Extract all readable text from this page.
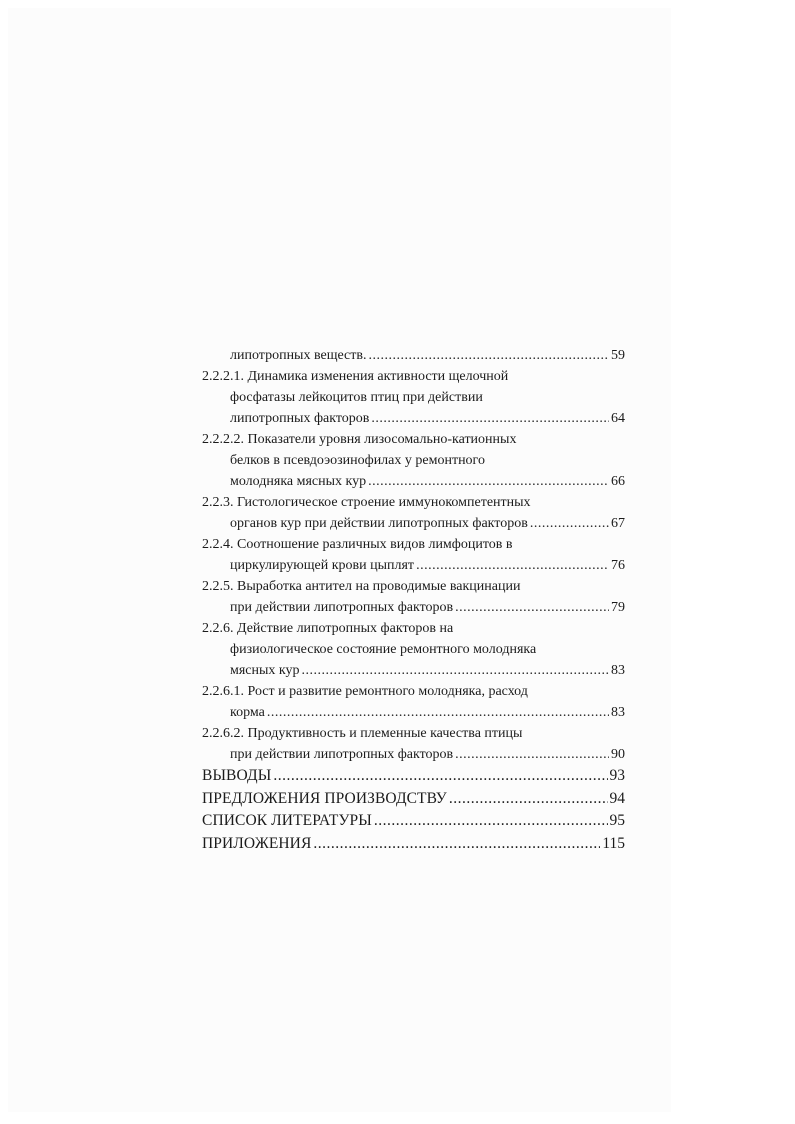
липотропных веществ. .....	59
2.2.2.1. Динамика изменения активности щелочной
фосфатазы лейкоцитов птиц при действии
липотропных факторов .....	64
2.2.2.2. Показатели уровня лизосомально-катионных
белков в псевдоэозинофилах у ремонтного
молодняка мясных кур .....	66
2.2.3. Гистологическое строение иммунокомпетентных
органов кур при действии липотропных факторов .....	67
2.2.4. Соотношение различных видов лимфоцитов в
циркулирующей крови цыплят .....	76
2.2.5. Выработка антител на проводимые вакцинации
при действии липотропных факторов .....	79
2.2.6. Действие липотропных факторов на
физиологическое состояние ремонтного молодняка
мясных кур .....	83
2.2.6.1. Рост и развитие ремонтного молодняка, расход
корма .....	83
2.2.6.2. Продуктивность и племенные качества птицы
при действии липотропных факторов .....	90
ВЫВОДЫ .....	93
ПРЕДЛОЖЕНИЯ ПРОИЗВОДСТВУ .....	94
СПИСОК ЛИТЕРАТУРЫ .....	95
ПРИЛОЖЕНИЯ .....	115
